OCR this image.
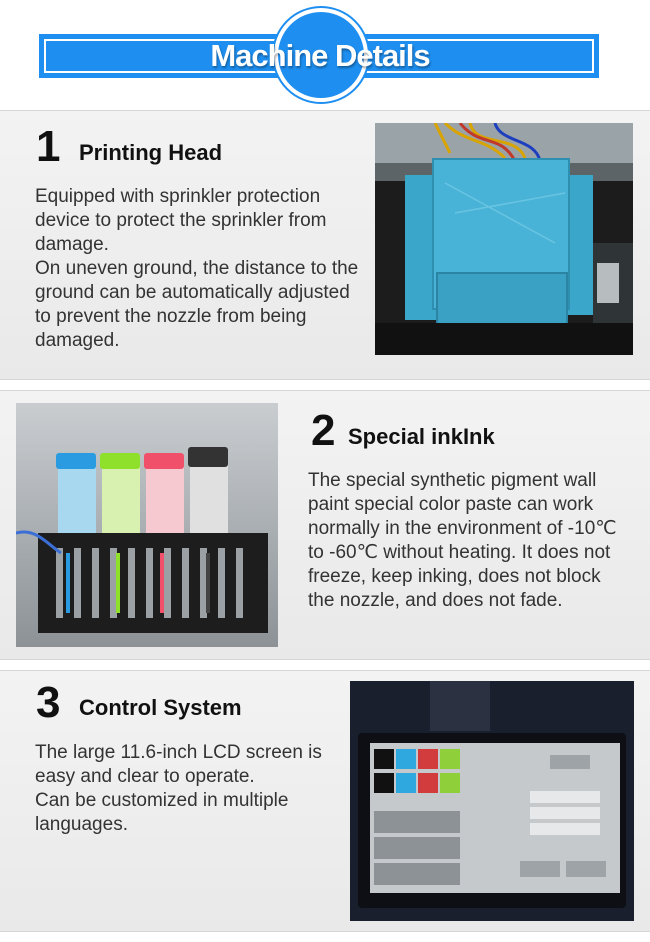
Machine Details
1 Printing Head

Equipped with sprinkler protection device to protect the sprinkler from damage.

On uneven ground, the distance to the ground can be automatically adjusted to prevent the nozzle from being damaged.

2 Special inkInk

The special synthetic pigment wall paint special color paste can work normally in the environment of -10℃ to -60℃ without heating. It does not freeze, keep inking, does not block the nozzle, and does not fade.

3 Control System

The large 11.6-inch LCD screen is easy and clear to operate.

Can be customized in multiple languages.
